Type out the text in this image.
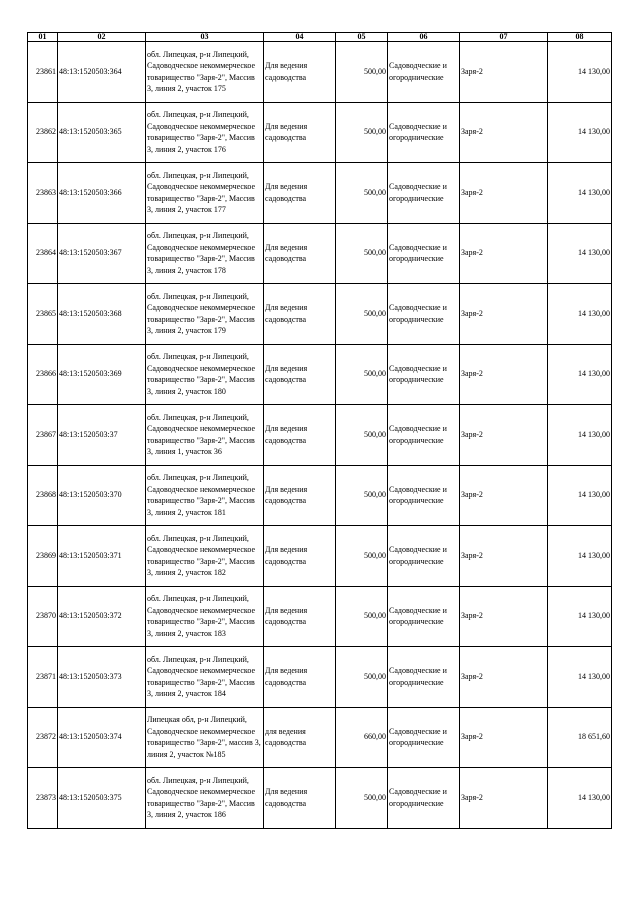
01	02	03	04	05	06	07	08
23861	48:13:1520503:364	обл. Липецкая, р-н Липецкий, Садоводческое некоммерческое товарищество "Заря-2", Массив 3, линия 2, участок 175	Для ведения садоводства	500,00	Садоводческие и огороднические	Заря-2	14 130,00
23862	48:13:1520503:365	обл. Липецкая, р-н Липецкий, Садоводческое некоммерческое товарищество "Заря-2", Массив 3, линия 2, участок 176	Для ведения садоводства	500,00	Садоводческие и огороднические	Заря-2	14 130,00
23863	48:13:1520503:366	обл. Липецкая, р-н Липецкий, Садоводческое некоммерческое товарищество "Заря-2", Массив 3, линия 2, участок 177	Для ведения садоводства	500,00	Садоводческие и огороднические	Заря-2	14 130,00
23864	48:13:1520503:367	обл. Липецкая, р-н Липецкий, Садоводческое некоммерческое товарищество "Заря-2", Массив 3, линия 2, участок 178	Для ведения садоводства	500,00	Садоводческие и огороднические	Заря-2	14 130,00
23865	48:13:1520503:368	обл. Липецкая, р-н Липецкий, Садоводческое некоммерческое товарищество "Заря-2", Массив 3, линия 2, участок 179	Для ведения садоводства	500,00	Садоводческие и огороднические	Заря-2	14 130,00
23866	48:13:1520503:369	обл. Липецкая, р-н Липецкий, Садоводческое некоммерческое товарищество "Заря-2", Массив 3, линия 2, участок 180	Для ведения садоводства	500,00	Садоводческие и огороднические	Заря-2	14 130,00
23867	48:13:1520503:37	обл. Липецкая, р-н Липецкий, Садоводческое некоммерческое товарищество "Заря-2", Массив 3, линия 1, участок 36	Для ведения садоводства	500,00	Садоводческие и огороднические	Заря-2	14 130,00
23868	48:13:1520503:370	обл. Липецкая, р-н Липецкий, Садоводческое некоммерческое товарищество "Заря-2", Массив 3, линия 2, участок 181	Для ведения садоводства	500,00	Садоводческие и огороднические	Заря-2	14 130,00
23869	48:13:1520503:371	обл. Липецкая, р-н Липецкий, Садоводческое некоммерческое товарищество "Заря-2", Массив 3, линия 2, участок 182	Для ведения садоводства	500,00	Садоводческие и огороднические	Заря-2	14 130,00
23870	48:13:1520503:372	обл. Липецкая, р-н Липецкий, Садоводческое некоммерческое товарищество "Заря-2", Массив 3, линия 2, участок 183	Для ведения садоводства	500,00	Садоводческие и огороднические	Заря-2	14 130,00
23871	48:13:1520503:373	обл. Липецкая, р-н Липецкий, Садоводческое некоммерческое товарищество "Заря-2", Массив 3, линия 2, участок 184	Для ведения садоводства	500,00	Садоводческие и огороднические	Заря-2	14 130,00
23872	48:13:1520503:374	Липецкая обл, р-н Липецкий, Садоводческое некоммерческое товарищество "Заря-2", массив 3, линия 2, участок №185	для ведения садоводства	660,00	Садоводческие и огороднические	Заря-2	18 651,60
23873	48:13:1520503:375	обл. Липецкая, р-н Липецкий, Садоводческое некоммерческое товарищество "Заря-2", Массив 3, линия 2, участок 186	Для ведения садоводства	500,00	Садоводческие и огороднические	Заря-2	14 130,00
